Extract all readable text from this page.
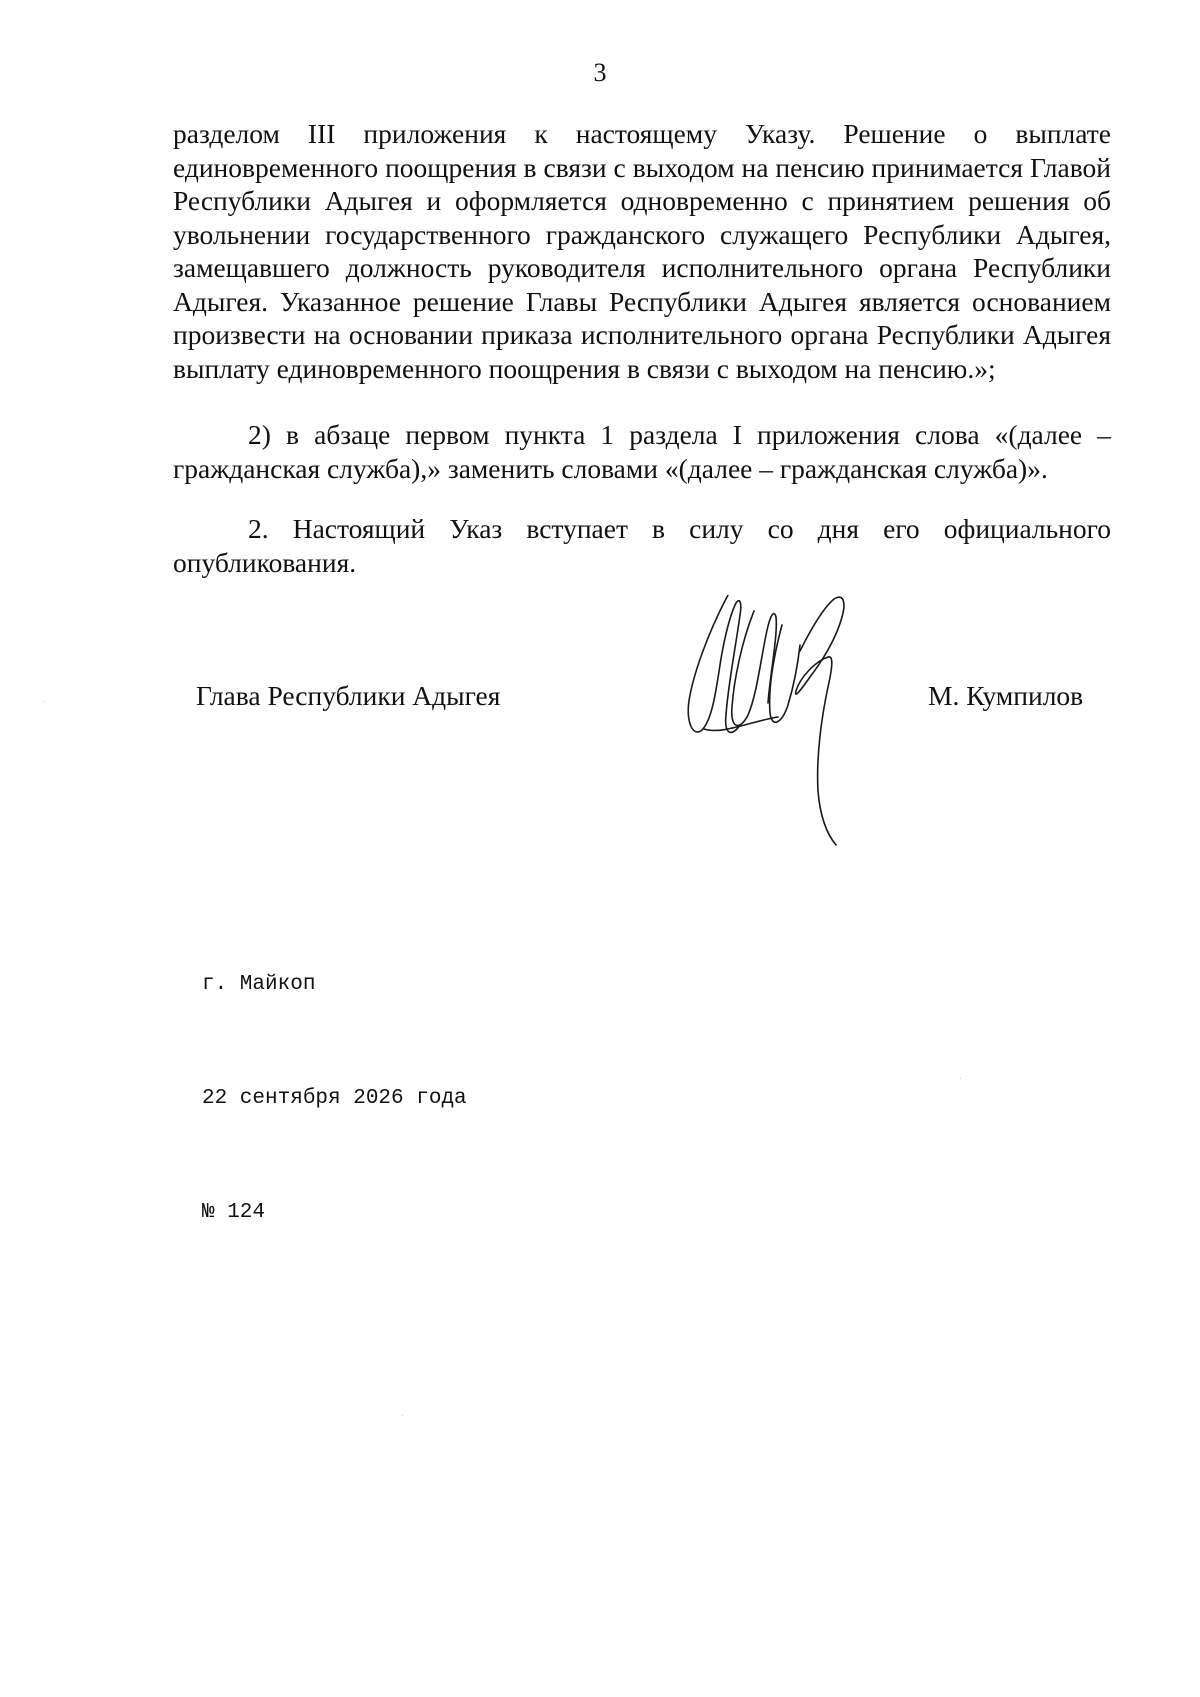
3

разделом III приложения к настоящему Указу. Решение о выплате единовременного поощрения в связи с выходом на пенсию принимается Главой Республики Адыгея и оформляется одновременно с принятием решения об увольнении государственного гражданского служащего Республики Адыгея, замещавшего должность руководителя исполнительного органа Республики Адыгея. Указанное решение Главы Республики Адыгея является основанием произвести на основании приказа исполнительного органа Республики Адыгея выплату единовременного поощрения в связи с выходом на пенсию.»;

2) в абзаце первом пункта 1 раздела I приложения слова «(далее – гражданская служба),» заменить словами «(далее – гражданская служба)».

2. Настоящий Указ вступает в силу со дня его официального опубликования.

Глава Республики Адыгея	М. Кумпилов

г. Майкоп

22 сентября 2026 года

№ 124
